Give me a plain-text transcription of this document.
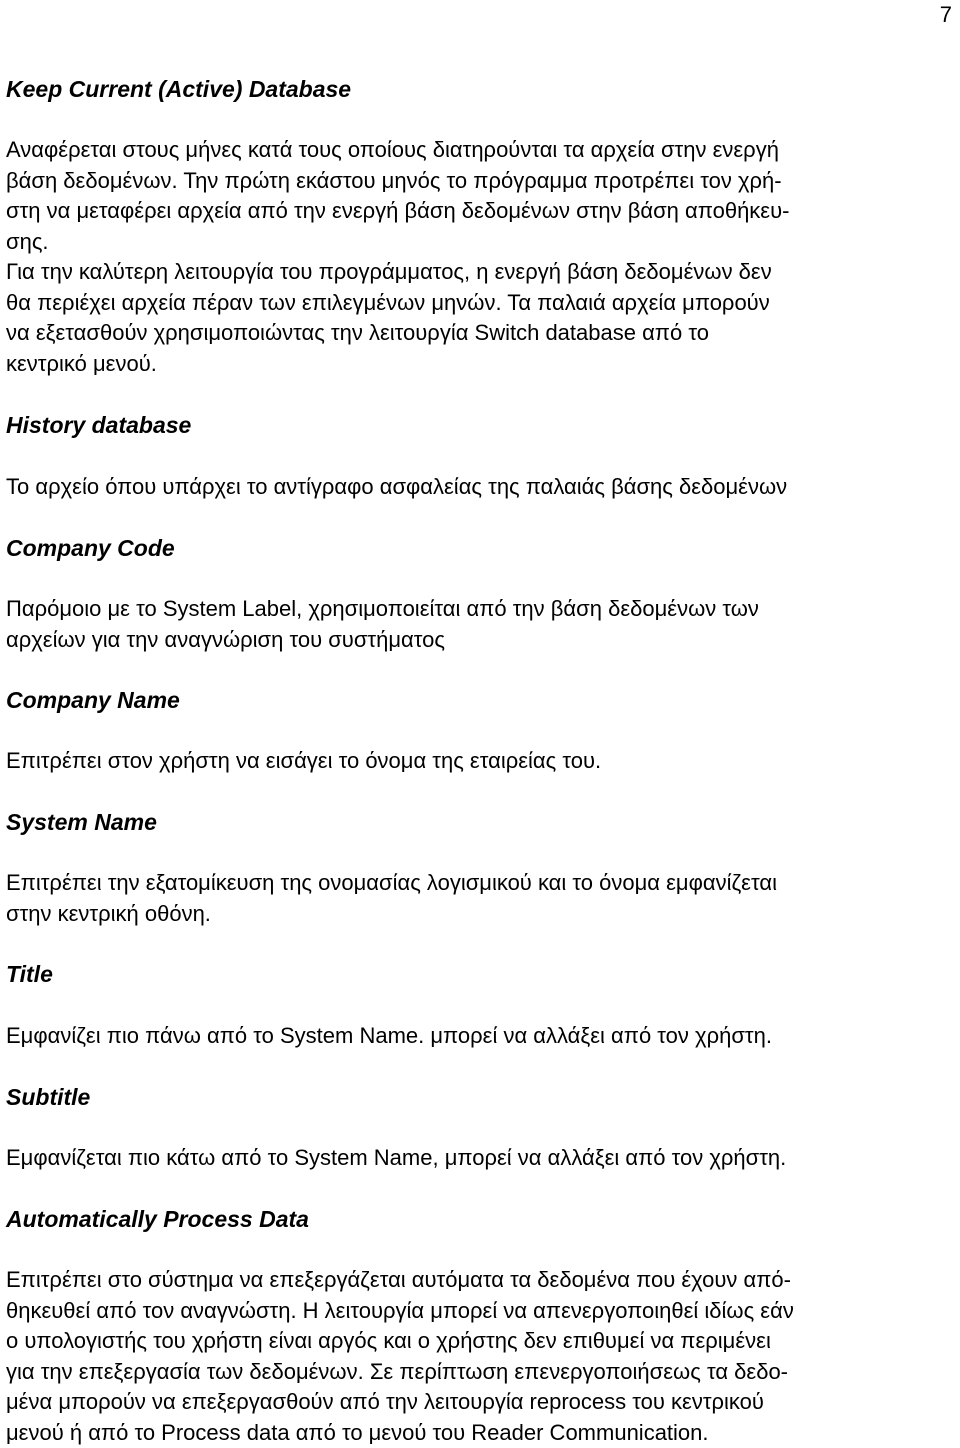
7
Keep Current (Active) Database
Αναφέρεται στους μήνες κατά τους οποίους διατηρούνται τα αρχεία στην ενεργή
βάση δεδομένων. Την πρώτη εκάστου μηνός το πρόγραμμα προτρέπει τον χρή-
στη να μεταφέρει αρχεία από την ενεργή βάση δεδομένων στην βάση αποθήκευ-
σης.
Για την καλύτερη λειτουργία του προγράμματος, η ενεργή βάση δεδομένων δεν
θα περιέχει αρχεία πέραν των επιλεγμένων μηνών. Τα παλαιά αρχεία μπορούν
να εξετασθούν χρησιμοποιώντας την λειτουργία Switch database από το
κεντρικό μενού.
History database
Το αρχείο όπου υπάρχει το αντίγραφο ασφαλείας της παλαιάς βάσης δεδομένων
Company Code
Παρόμοιο με το System Label, χρησιμοποιείται από την βάση δεδομένων των
αρχείων για την αναγνώριση του συστήματος
Company Name
Επιτρέπει στον χρήστη να εισάγει το όνομα της εταιρείας του.
System Name
Επιτρέπει την εξατομίκευση της ονομασίας λογισμικού και το όνομα εμφανίζεται
στην κεντρική οθόνη.
Title
Εμφανίζει πιο πάνω από το System Name. μπορεί να αλλάξει από τον χρήστη.
Subtitle
Εμφανίζεται πιο κάτω από το System Name, μπορεί να αλλάξει από τον χρήστη.
Automatically Process Data
Επιτρέπει στο σύστημα να επεξεργάζεται αυτόματα τα δεδομένα που έχουν από-
θηκευθεί από τον αναγνώστη. Η λειτουργία μπορεί να απενεργοποιηθεί ιδίως εάν
ο υπολογιστής του χρήστη είναι αργός και ο χρήστης δεν επιθυμεί να περιμένει
για την επεξεργασία των δεδομένων. Σε περίπτωση επενεργοποιήσεως τα δεδο-
μένα μπορούν να επεξεργασθούν από την λειτουργία reprocess του κεντρικού
μενού ή από το Process data από το μενού του Reader Communication.
